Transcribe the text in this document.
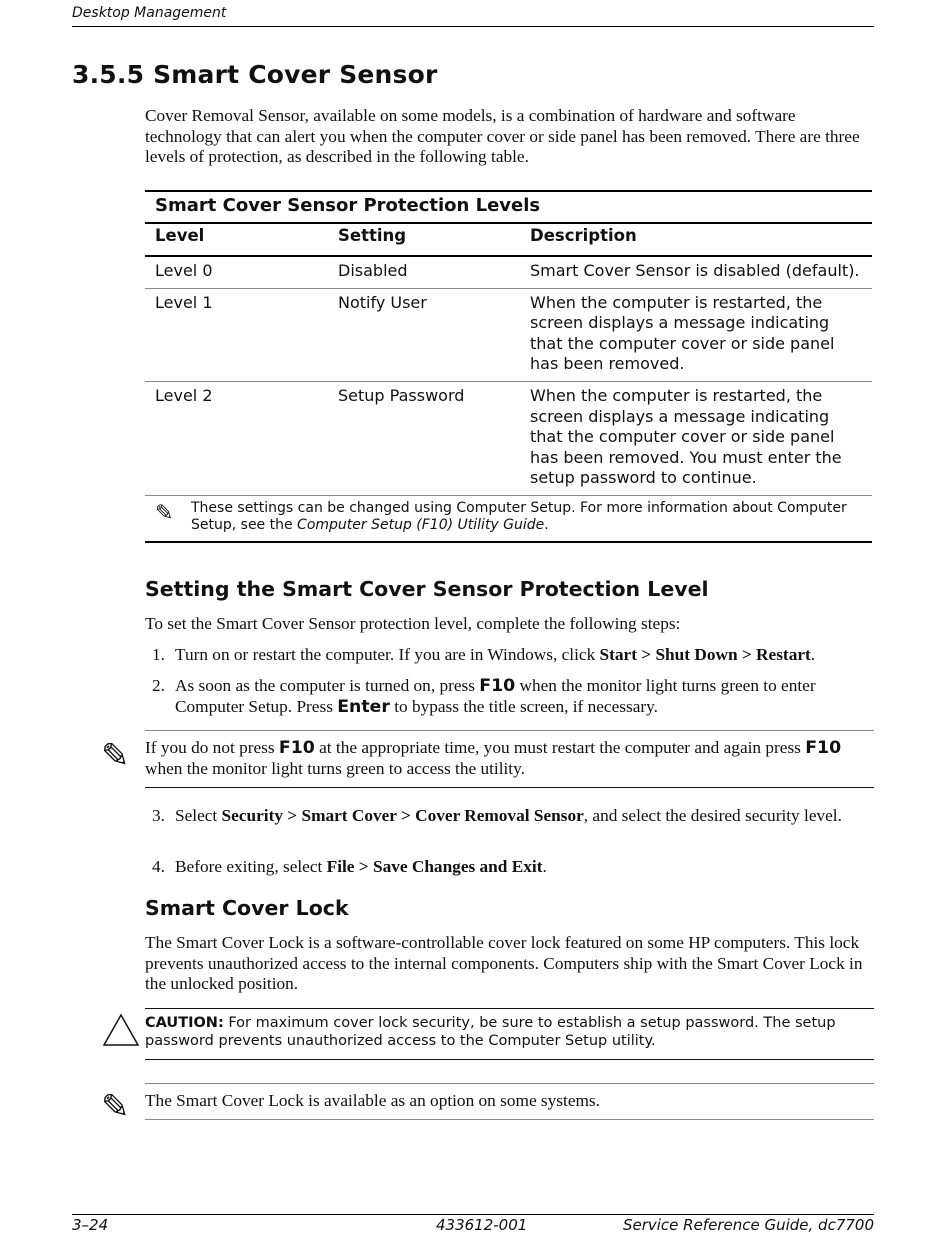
Desktop Management
3.5.5 Smart Cover Sensor

Cover Removal Sensor, available on some models, is a combination of hardware and software technology that can alert you when the computer cover or side panel has been removed. There are three levels of protection, as described in the following table.

Smart Cover Sensor Protection Levels
Level	Setting	Description
Level 0	Disabled	Smart Cover Sensor is disabled (default).
Level 1	Notify User	When the computer is restarted, the screen displays a message indicating that the computer cover or side panel has been removed.
Level 2	Setup Password	When the computer is restarted, the screen displays a message indicating that the computer cover or side panel has been removed. You must enter the setup password to continue.
✎	These settings can be changed using Computer Setup. For more information about Computer Setup, see the Computer Setup (F10) Utility Guide.
Setting the Smart Cover Sensor Protection Level

To set the Smart Cover Sensor protection level, complete the following steps:

1. Turn on or restart the computer. If you are in Windows, click Start > Shut Down > Restart.
2. As soon as the computer is turned on, press F10 when the monitor light turns green to enter Computer Setup. Press Enter to bypass the title screen, if necessary.
✎ If you do not press F10 at the appropriate time, you must restart the computer and again press F10 when the monitor light turns green to access the utility.
3. Select Security > Smart Cover > Cover Removal Sensor, and select the desired security level.
4. Before exiting, select File > Save Changes and Exit.
Smart Cover Lock

The Smart Cover Lock is a software-controllable cover lock featured on some HP computers. This lock prevents unauthorized access to the internal components. Computers ship with the Smart Cover Lock in the unlocked position.

CAUTION: For maximum cover lock security, be sure to establish a setup password. The setup password prevents unauthorized access to the Computer Setup utility.
✎ The Smart Cover Lock is available as an option on some systems.
3–24	433612-001	Service Reference Guide, dc7700
